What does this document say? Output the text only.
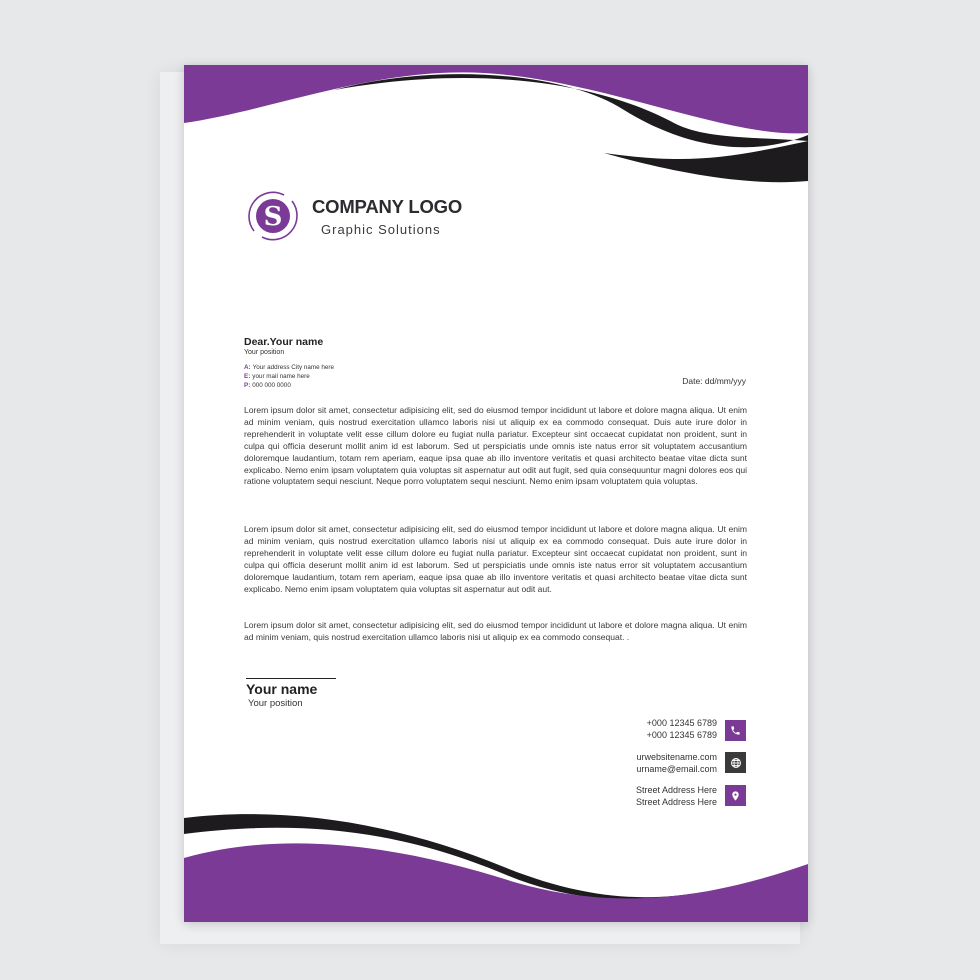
S COMPANY LOGO
Graphic Solutions
Dear.Your name
Your position
A: Your address City name here
E: your mail name here
P: 000 000 0000	Date: dd/mm/yyy

Lorem ipsum dolor sit amet, consectetur adipisicing elit, sed do eiusmod tempor incididunt ut labore et dolore magna aliqua. Ut enim ad minim veniam, quis nostrud exercitation ullamco laboris nisi ut aliquip ex ea commodo consequat. Duis aute irure dolor in reprehenderit in voluptate velit esse cillum dolore eu fugiat nulla pariatur. Excepteur sint occaecat cupidatat non proident, sunt in culpa qui officia deserunt mollit anim id est laborum. Sed ut perspiciatis unde omnis iste natus error sit voluptatem accusantium doloremque laudantium, totam rem aperiam, eaque ipsa quae ab illo inventore veritatis et quasi architecto beatae vitae dicta sunt explicabo. Nemo enim ipsam voluptatem quia voluptas sit aspernatur aut odit aut fugit, sed quia consequuntur magni dolores eos qui ratione voluptatem sequi nesciunt. Neque porro voluptatem sequi nesciunt. Nemo enim ipsam voluptatem quia voluptas.

Lorem ipsum dolor sit amet, consectetur adipisicing elit, sed do eiusmod tempor incididunt ut labore et dolore magna aliqua. Ut enim ad minim veniam, quis nostrud exercitation ullamco laboris nisi ut aliquip ex ea commodo consequat. Duis aute irure dolor in reprehenderit in voluptate velit esse cillum dolore eu fugiat nulla pariatur. Excepteur sint occaecat cupidatat non proident, sunt in culpa qui officia deserunt mollit anim id est laborum. Sed ut perspiciatis unde omnis iste natus error sit voluptatem accusantium doloremque laudantium, totam rem aperiam, eaque ipsa quae ab illo inventore veritatis et quasi architecto beatae vitae dicta sunt explicabo. Nemo enim ipsam voluptatem quia voluptas sit aspernatur aut odit aut.

Lorem ipsum dolor sit amet, consectetur adipisicing elit, sed do eiusmod tempor incididunt ut labore et dolore magna aliqua. Ut enim ad minim veniam, quis nostrud exercitation ullamco laboris nisi ut aliquip ex ea commodo consequat. .

Your name
Your position
+000 12345 6789
+000 12345 6789
urwebsitename.com
urname@email.com
Street Address Here
Street Address Here
